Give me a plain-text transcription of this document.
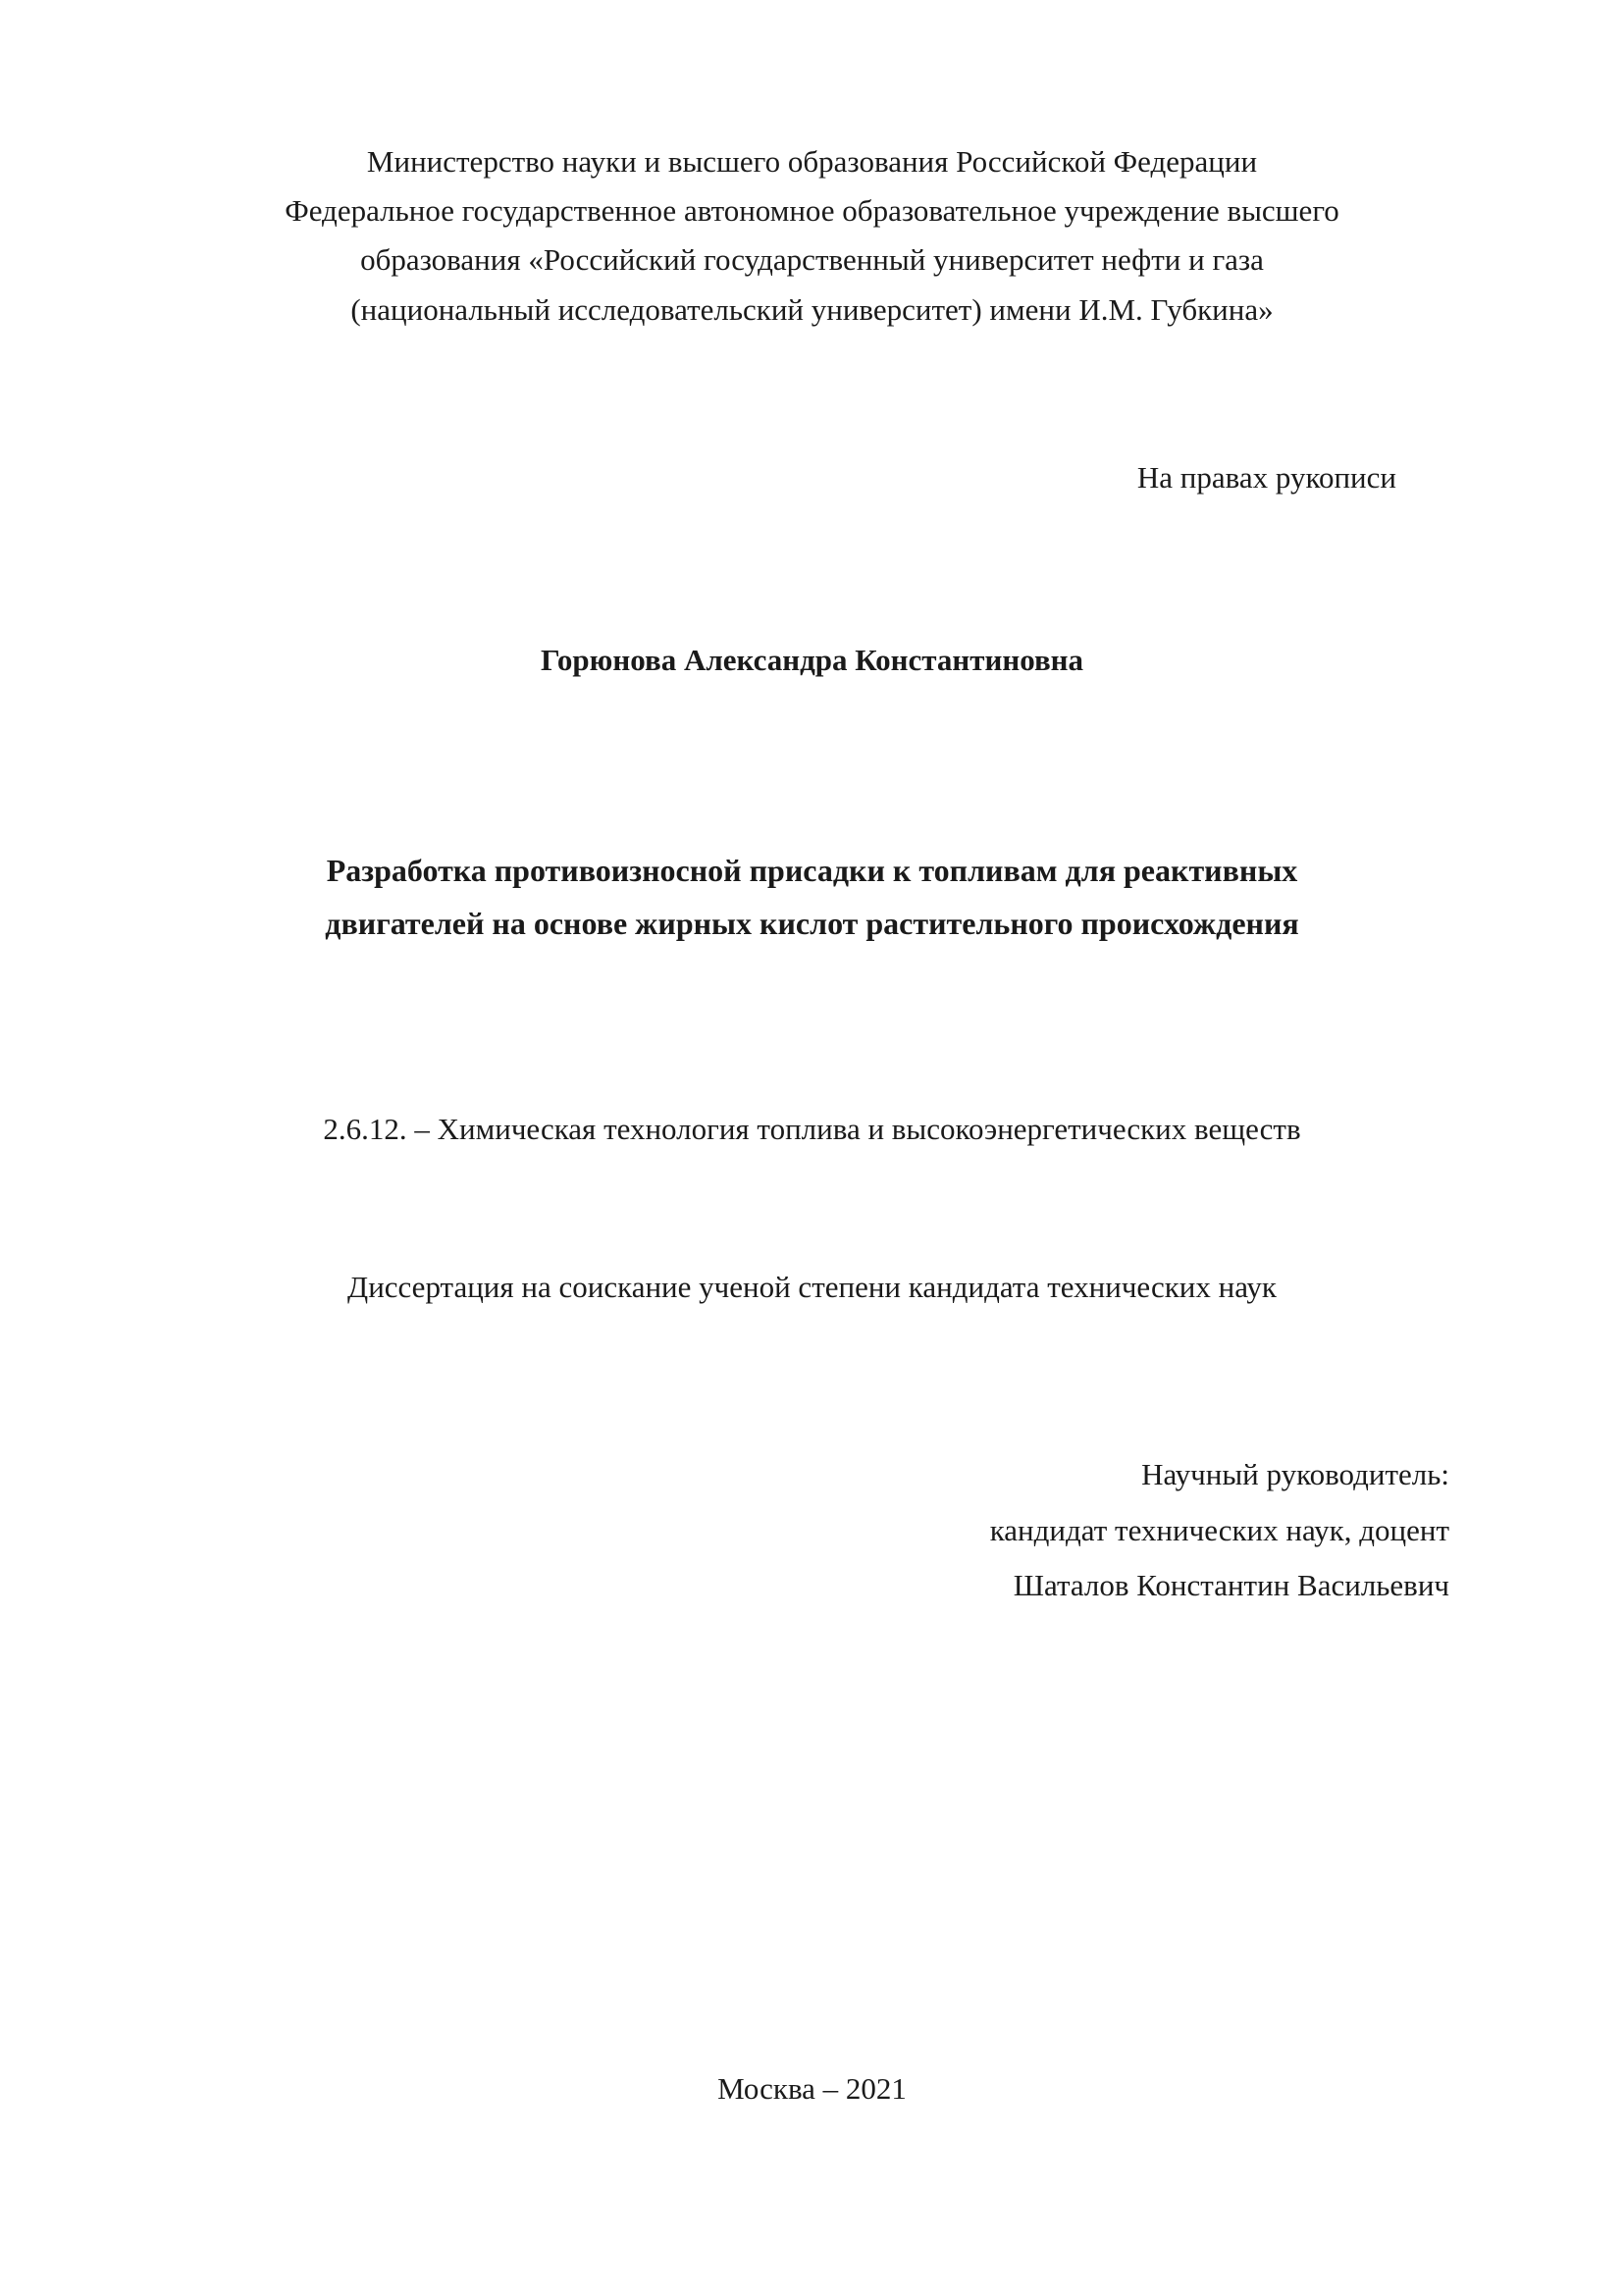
Министерство науки и высшего образования Российской Федерации
Федеральное государственное автономное образовательное учреждение высшего
образования «Российский государственный университет нефти и газа
(национальный исследовательский университет) имени И.М. Губкина»
На правах рукописи
Горюнова Александра Константиновна
Разработка противоизносной присадки к топливам для реактивных
двигателей на основе жирных кислот растительного происхождения
2.6.12. – Химическая технология топлива и высокоэнергетических веществ
Диссертация на соискание ученой степени кандидата технических наук
Научный руководитель:
кандидат технических наук, доцент
Шаталов Константин Васильевич
Москва – 2021
